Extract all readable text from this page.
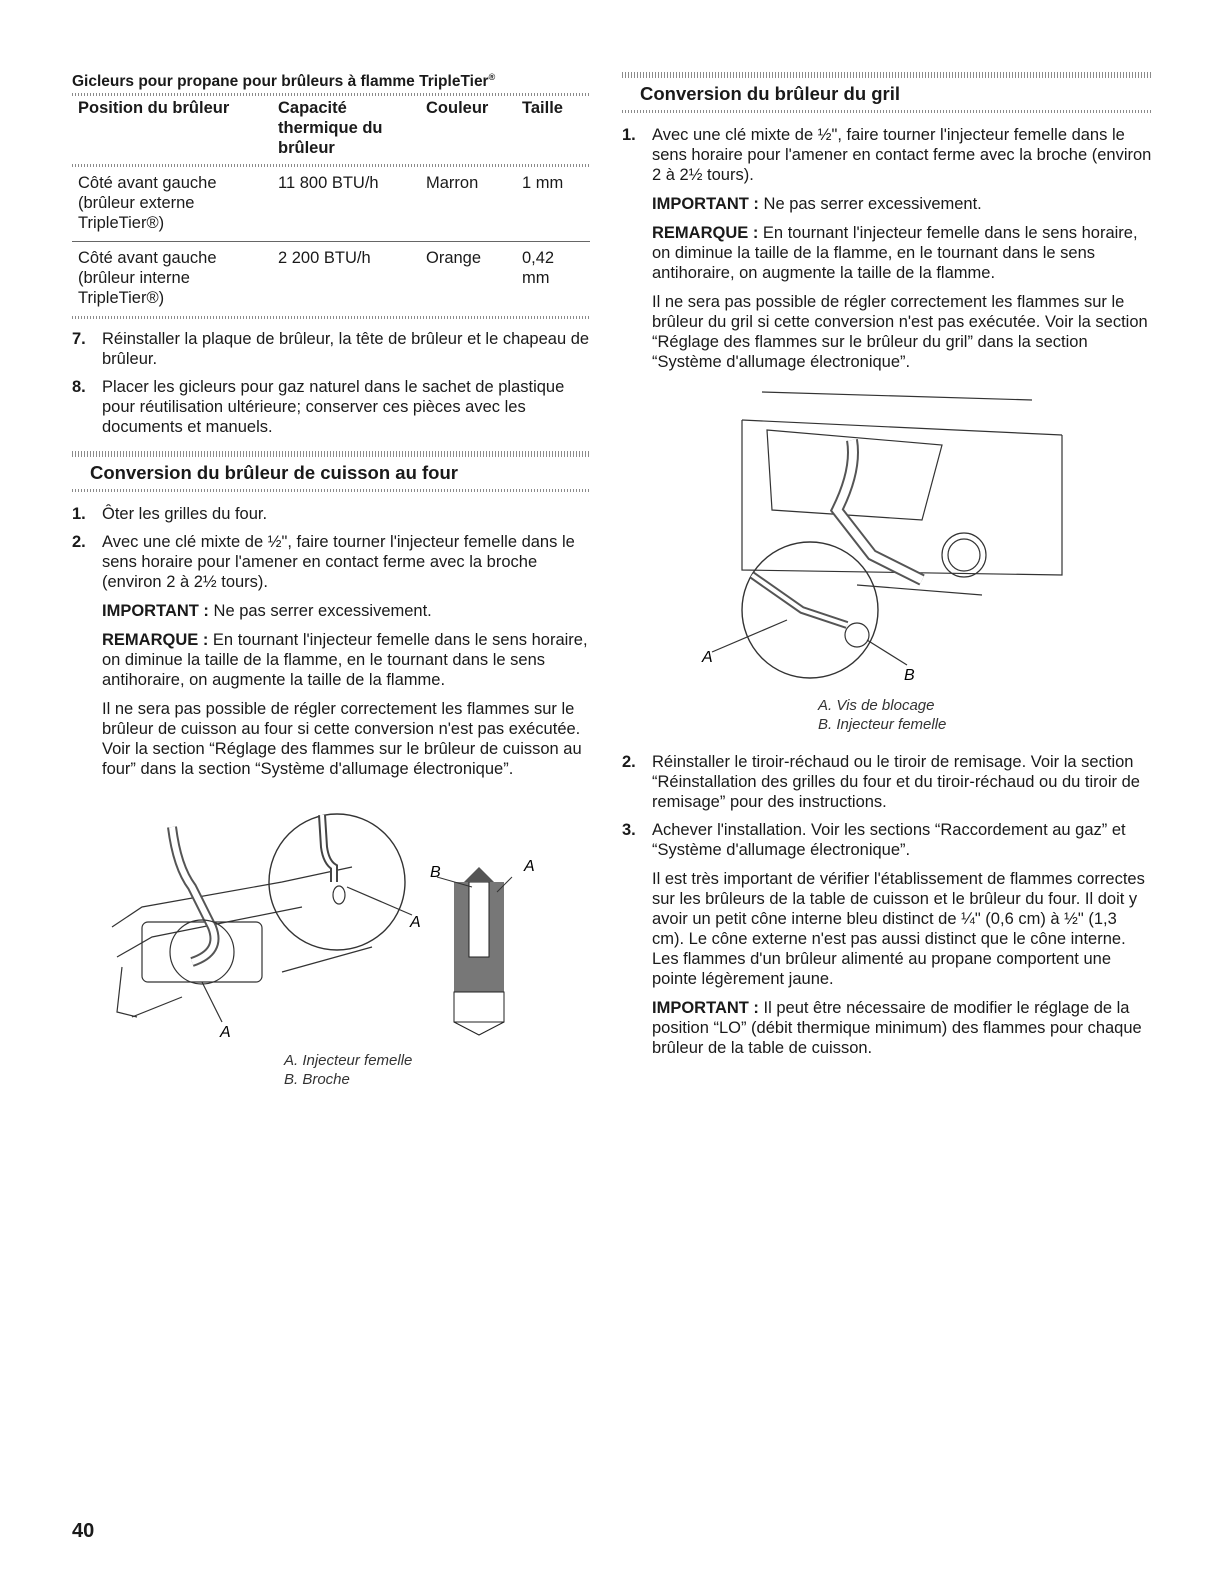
Gicleurs pour propane pour brûleurs à flamme TripleTier®
Position du brûleur	Capacité thermique du brûleur	Couleur	Taille

Côté avant gauche (brûleur externe TripleTier®)	11 800 BTU/h	Marron	1 mm
Côté avant gauche (brûleur interne TripleTier®)	2 200 BTU/h	Orange	0,42 mm
7. Réinstaller la plaque de brûleur, la tête de brûleur et le chapeau de brûleur.

8. Placer les gicleurs pour gaz naturel dans le sachet de plastique pour réutilisation ultérieure; conserver ces pièces avec les documents et manuels.

Conversion du brûleur de cuisson au four
1. Ôter les grilles du four.

2. Avec une clé mixte de ½", faire tourner l'injecteur femelle dans le sens horaire pour l'amener en contact ferme avec la broche (environ 2 à 2½ tours).

IMPORTANT : Ne pas serrer excessivement.

REMARQUE : En tournant l'injecteur femelle dans le sens horaire, on diminue la taille de la flamme, en le tournant dans le sens antihoraire, on augmente la taille de la flamme.

Il ne sera pas possible de régler correctement les flammes sur le brûleur de cuisson au four si cette conversion n'est pas exécutée. Voir la section “Réglage des flammes sur le brûleur de cuisson au four” dans la section “Système d'allumage électronique”.

A
A
B	A
A. Injecteur femelle
B. Broche
Conversion du brûleur du gril
1. Avec une clé mixte de ½", faire tourner l'injecteur femelle dans le sens horaire pour l'amener en contact ferme avec la broche (environ 2 à 2½ tours).

IMPORTANT : Ne pas serrer excessivement.

REMARQUE : En tournant l'injecteur femelle dans le sens horaire, on diminue la taille de la flamme, en le tournant dans le sens antihoraire, on augmente la taille de la flamme.

Il ne sera pas possible de régler correctement les flammes sur le brûleur du gril si cette conversion n'est pas exécutée. Voir la section “Réglage des flammes sur le brûleur du gril” dans la section “Système d'allumage électronique”.

A
B
A. Vis de blocage
B. Injecteur femelle
2. Réinstaller le tiroir-réchaud ou le tiroir de remisage. Voir la section “Réinstallation des grilles du four et du tiroir-réchaud ou du tiroir de remisage” pour des instructions.

3. Achever l'installation. Voir les sections “Raccordement au gaz” et “Système d'allumage électronique”.

Il est très important de vérifier l'établissement de flammes correctes sur les brûleurs de la table de cuisson et le brûleur du four. Il doit y avoir un petit cône interne bleu distinct de ¼" (0,6 cm) à ½" (1,3 cm). Le cône externe n'est pas aussi distinct que le cône interne. Les flammes d'un brûleur alimenté au propane comportent une pointe légèrement jaune.

IMPORTANT : Il peut être nécessaire de modifier le réglage de la position “LO” (débit thermique minimum) des flammes pour chaque brûleur de la table de cuisson.

40
